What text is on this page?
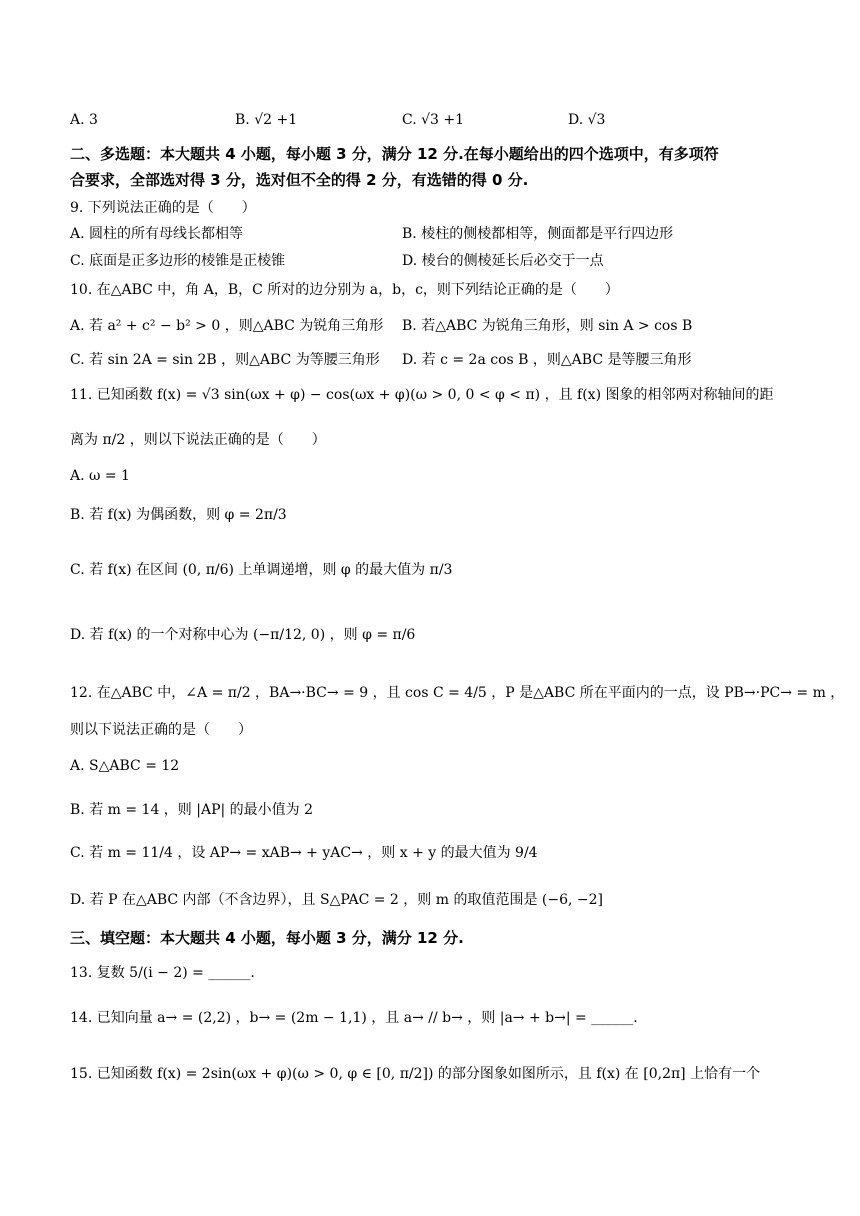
A. 3	B. √2 +1	C. √3 +1	D. √3
二、多选题：本大题共 4 小题，每小题 3 分，满分 12 分.在每小题给出的四个选项中，有多项符
合要求，全部选对得 3 分，选对但不全的得 2 分，有选错的得 0 分.
9. 下列说法正确的是（　　）
A. 圆柱的所有母线长都相等	B. 棱柱的侧棱都相等，侧面都是平行四边形
C. 底面是正多边形的棱锥是正棱锥	D. 棱台的侧棱延长后必交于一点
10. 在△ABC 中，角 A，B，C 所对的边分别为 a，b，c，则下列结论正确的是（　　）
A. 若 a² + c² − b² > 0 ，则△ABC 为锐角三角形 B. 若△ABC 为锐角三角形，则 sin A > cos B
C. 若 sin 2A = sin 2B ，则△ABC 为等腰三角形 D. 若 c = 2a cos B ，则△ABC 是等腰三角形
11. 已知函数 f(x) = √3 sin(ωx + φ) − cos(ωx + φ)(ω > 0, 0 < φ < π) ，且 f(x) 图象的相邻两对称轴间的距
离为 π/2 ，则以下说法正确的是（　　）
A. ω = 1
B. 若 f(x) 为偶函数，则 φ = 2π/3
C. 若 f(x) 在区间 (0, π/6) 上单调递增，则 φ 的最大值为 π/3
D. 若 f(x) 的一个对称中心为 (−π/12, 0) ，则 φ = π/6
12. 在△ABC 中，∠A = π/2 ，BA→·BC→ = 9 ，且 cos C = 4/5 ，P 是△ABC 所在平面内的一点，设 PB→·PC→ = m ，
则以下说法正确的是（　　）
A. S△ABC = 12
B. 若 m = 14 ，则 |AP| 的最小值为 2
C. 若 m = 11/4 ，设 AP→ = xAB→ + yAC→ ，则 x + y 的最大值为 9/4
D. 若 P 在△ABC 内部（不含边界），且 S△PAC = 2 ，则 m 的取值范围是 (−6, −2]
三、填空题：本大题共 4 小题，每小题 3 分，满分 12 分.
13. 复数 5/(i − 2) = ______.
14. 已知向量 a→ = (2,2) ，b→ = (2m − 1,1) ，且 a→ // b→ ，则 |a→ + b→| = ______.
15. 已知函数 f(x) = 2sin(ωx + φ)(ω > 0, φ ∈ [0, π/2]) 的部分图象如图所示，且 f(x) 在 [0,2π] 上恰有一个
